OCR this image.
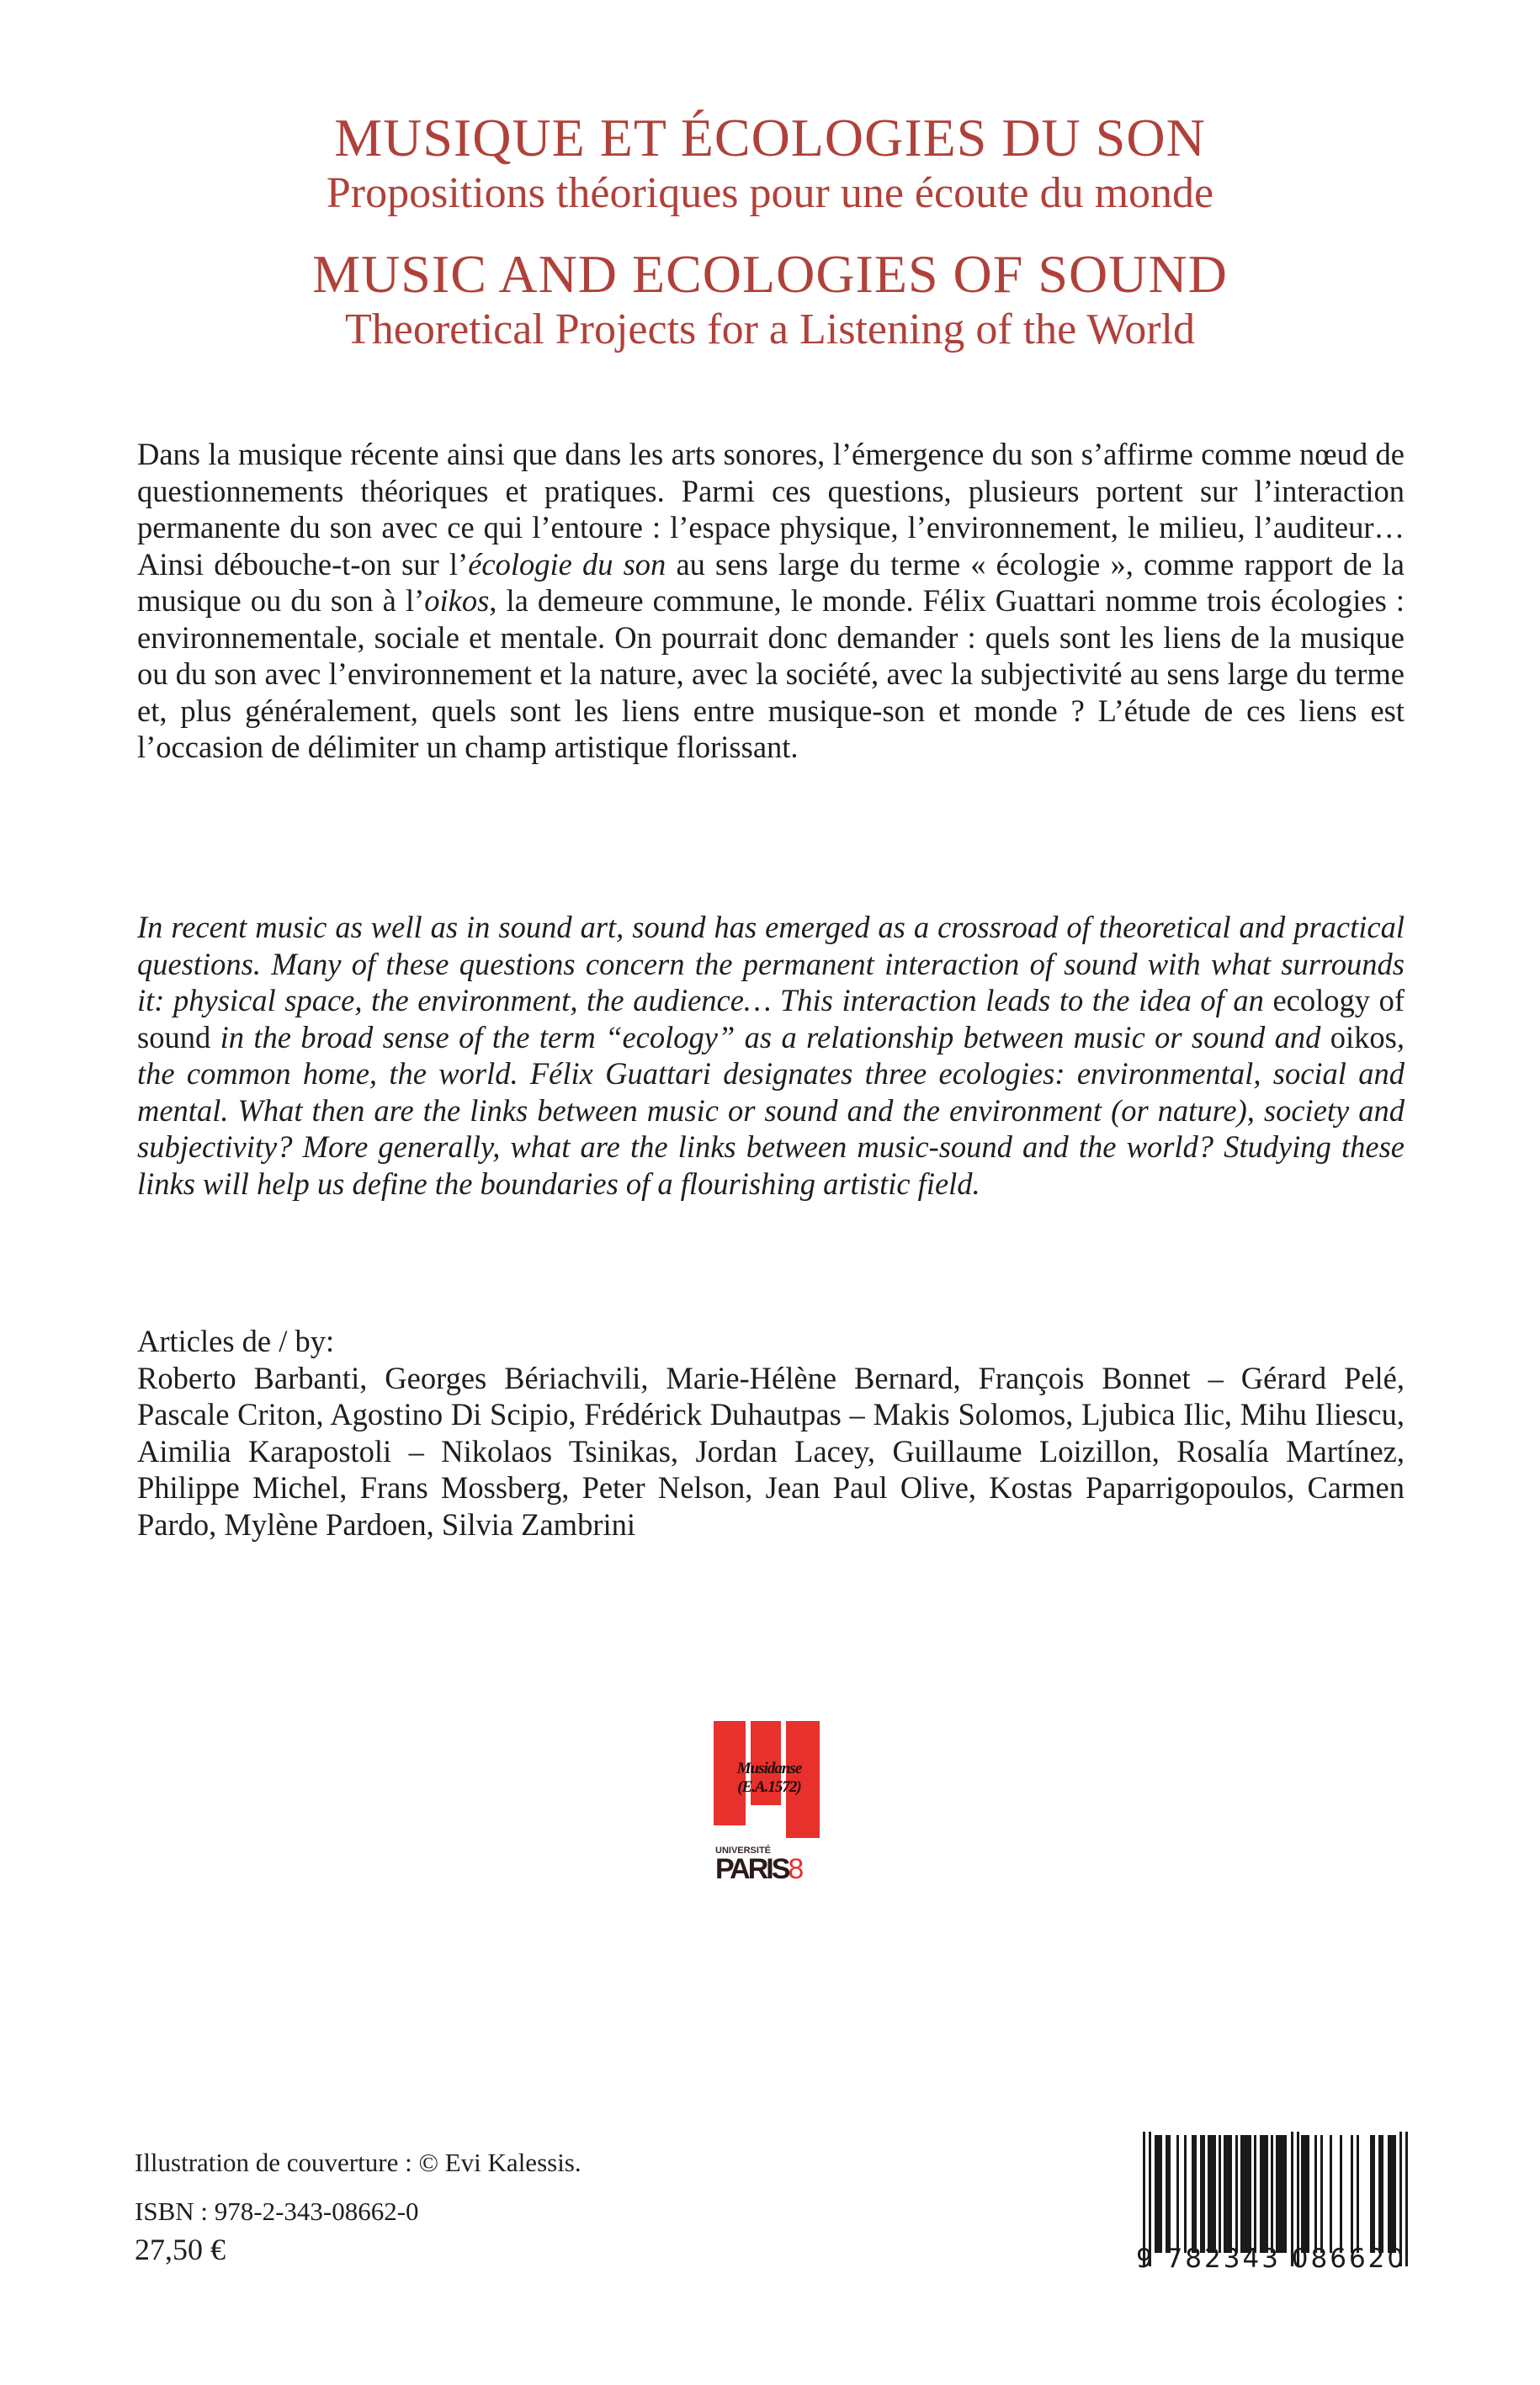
MUSIQUE ET ÉCOLOGIES DU SON
Propositions théoriques pour une écoute du monde
MUSIC AND ECOLOGIES OF SOUND
Theoretical Projects for a Listening of the World

Dans la musique récente ainsi que dans les arts sonores, l’émergence du son s’affirme comme nœud de questionnements théoriques et pratiques. Parmi ces questions, plusieurs portent sur l’interaction permanente du son avec ce qui l’entoure : l’espace physique, l’environnement, le milieu, l’auditeur… Ainsi débouche-t-on sur l’écologie du son au sens large du terme « écologie », comme rapport de la musique ou du son à l’oikos, la demeure commune, le monde. Félix Guattari nomme trois écologies : environnementale, sociale et mentale. On pourrait donc demander : quels sont les liens de la musique ou du son avec l’environnement et la nature, avec la société, avec la subjectivité au sens large du terme et, plus généralement, quels sont les liens entre musique-son et monde ? L’étude de ces liens est l’occasion de délimiter un champ artistique florissant.

In recent music as well as in sound art, sound has emerged as a crossroad of theoretical and practical questions. Many of these questions concern the permanent interaction of sound with what surrounds it: physical space, the environment, the audience… This interaction leads to the idea of an ecology of sound in the broad sense of the term “ecology” as a relationship between music or sound and oikos, the common home, the world. Félix Guattari designates three ecologies: environmental, social and mental. What then are the links between music or sound and the environment (or nature), society and subjectivity? More generally, what are the links between music-sound and the world? Studying these links will help us define the boundaries of a flourishing artistic field.

Articles de / by:
Roberto Barbanti, Georges Bériachvili, Marie-Hélène Bernard, François Bonnet – Gérard Pelé, Pascale Criton, Agostino Di Scipio, Frédérick Duhautpas – Makis Solomos, Ljubica Ilic, Mihu Iliescu, Aimilia Karapostoli – Nikolaos Tsinikas, Jordan Lacey, Guillaume Loizillon, Rosalía Martínez, Philippe Michel, Frans Mossberg, Peter Nelson, Jean Paul Olive, Kostas Paparrigopoulos, Carmen Pardo, Mylène Pardoen, Silvia Zambrini
Musidanse
(E.A.1572)
UNIVERSITÉ
PARIS8
Illustration de couverture : © Evi Kalessis.
ISBN : 978-2-343-08662-0
27,50 €	9 782343 086620
